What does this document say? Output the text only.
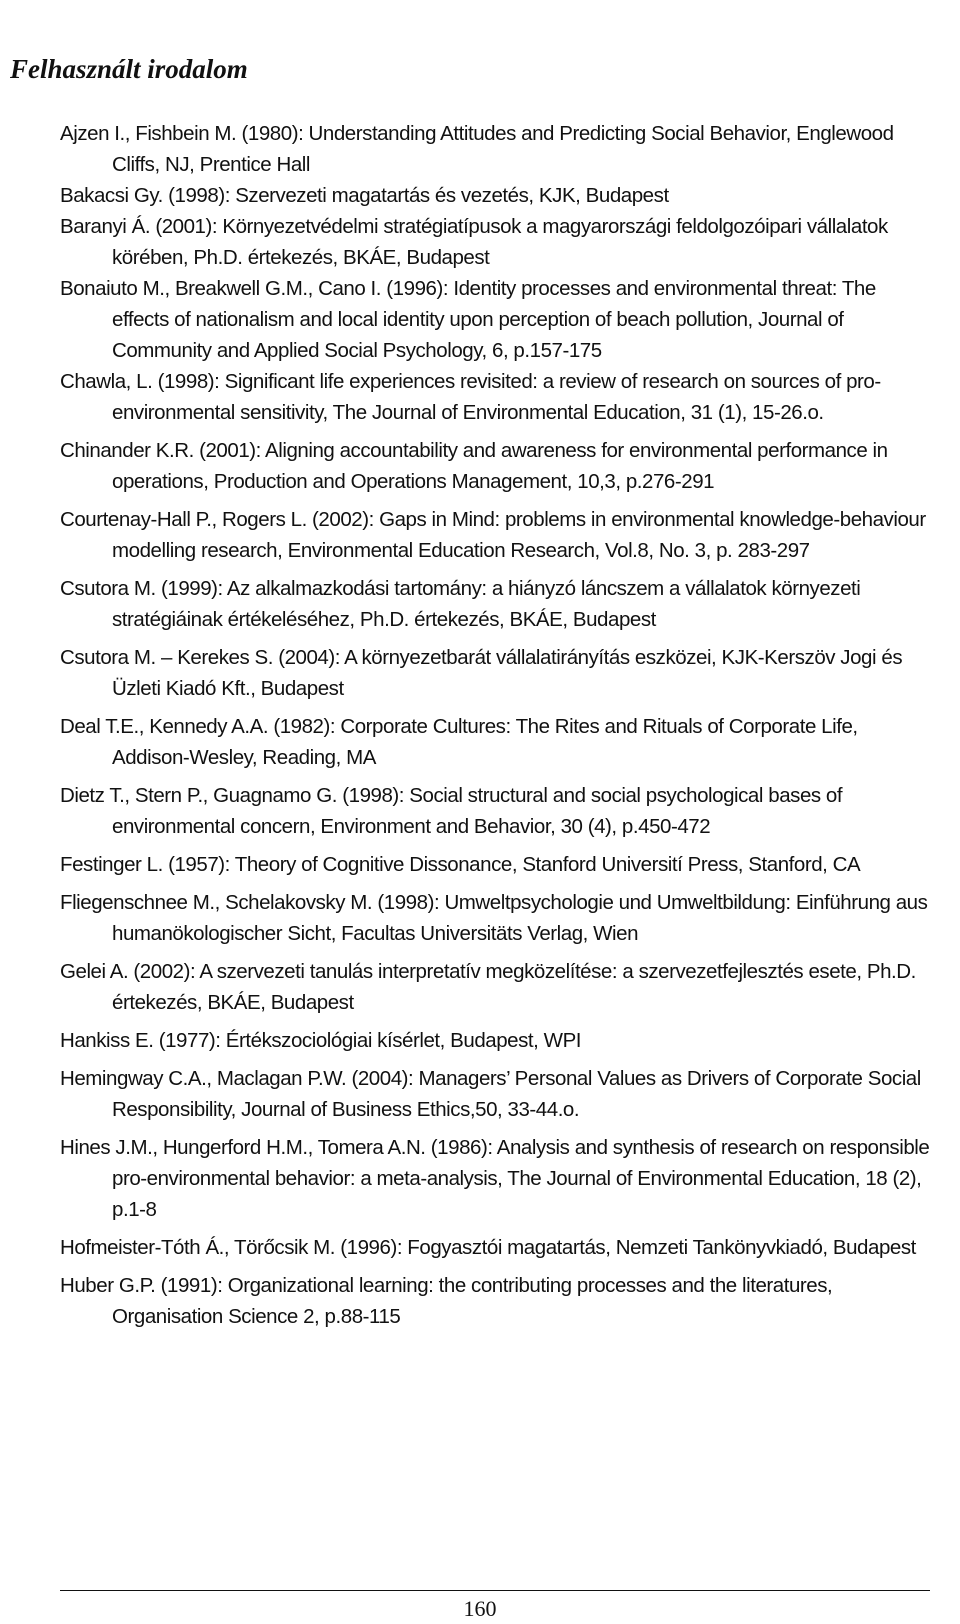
Felhasznált irodalom
Ajzen I., Fishbein M. (1980): Understanding Attitudes and Predicting Social Behavior, Englewood Cliffs, NJ, Prentice Hall
Bakacsi Gy. (1998): Szervezeti magatartás és vezetés, KJK, Budapest
Baranyi Á. (2001): Környezetvédelmi stratégiatípusok a magyarországi feldolgozóipari vállalatok körében, Ph.D. értekezés, BKÁE, Budapest
Bonaiuto M., Breakwell G.M., Cano I. (1996): Identity processes and environmental threat: The effects of nationalism and local identity upon perception of beach pollution, Journal of Community and Applied Social Psychology, 6, p.157-175
Chawla, L. (1998): Significant life experiences revisited: a review of research on sources of pro-environmental sensitivity, The Journal of Environmental Education, 31 (1), 15-26.o.
Chinander K.R. (2001): Aligning accountability and awareness for environmental performance in operations, Production and Operations Management, 10,3, p.276-291
Courtenay-Hall P., Rogers L. (2002): Gaps in Mind: problems in environmental knowledge-behaviour modelling research, Environmental Education Research, Vol.8, No. 3, p. 283-297
Csutora M. (1999): Az alkalmazkodási tartomány: a hiányzó láncszem a vállalatok környezeti stratégiáinak értékeléséhez, Ph.D. értekezés, BKÁE, Budapest
Csutora M. – Kerekes S. (2004): A környezetbarát vállalatirányítás eszközei, KJK-Kerszöv Jogi és Üzleti Kiadó Kft., Budapest
Deal T.E., Kennedy A.A. (1982): Corporate Cultures: The Rites and Rituals of Corporate Life, Addison-Wesley, Reading, MA
Dietz T., Stern P., Guagnamo G. (1998): Social structural and social psychological bases of environmental concern, Environment and Behavior, 30 (4), p.450-472
Festinger L. (1957): Theory of Cognitive Dissonance, Stanford Universití Press, Stanford, CA
Fliegenschnee M., Schelakovsky M. (1998): Umweltpsychologie und Umweltbildung: Einführung aus humanökologischer Sicht, Facultas Universitäts Verlag, Wien
Gelei A. (2002): A szervezeti tanulás interpretatív megközelítése: a szervezetfejlesztés esete, Ph.D. értekezés, BKÁE, Budapest
Hankiss E. (1977): Értékszociológiai kísérlet, Budapest, WPI
Hemingway C.A., Maclagan P.W. (2004): Managers’ Personal Values as Drivers of Corporate Social Responsibility, Journal of Business Ethics,50, 33-44.o.
Hines J.M., Hungerford H.M., Tomera A.N. (1986): Analysis and synthesis of research on responsible pro-environmental behavior: a meta-analysis, The Journal of Environmental Education, 18 (2), p.1-8
Hofmeister-Tóth Á., Törőcsik M. (1996): Fogyasztói magatartás, Nemzeti Tankönyvkiadó, Budapest
Huber G.P. (1991): Organizational learning: the contributing processes and the literatures, Organisation Science 2, p.88-115
160
